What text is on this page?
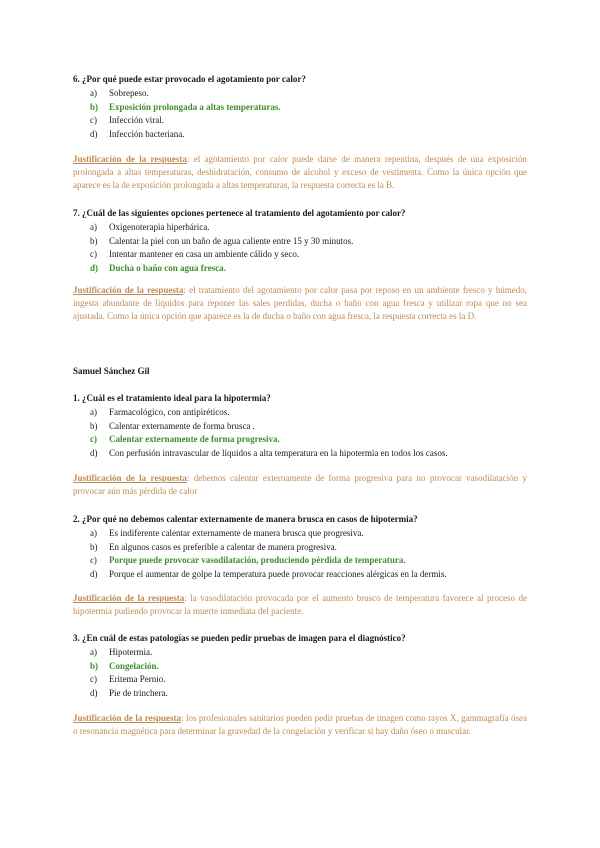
6. ¿Por qué puede estar provocado el agotamiento por calor?

a) Sobrepeso.
b) Exposición prolongada a altas temperaturas.
c) Infección viral.
d) Infección bacteriana.

Justificación de la respuesta: el agotamiento por calor puede darse de manera repentina, después de una exposición prolongada a altas temperaturas, deshidratación, consumo de alcohol y exceso de vestimenta. Como la única opción que aparece es la de exposición prolongada a altas temperaturas, la respuesta correcta es la B.

7. ¿Cuál de las siguientes opciones pertenece al tratamiento del agotamiento por calor?

a) Oxigenoterapia hiperbárica.
b) Calentar la piel con un baño de agua caliente entre 15 y 30 minutos.
c) Intentar mantener en casa un ambiente cálido y seco.
d) Ducha o baño con agua fresca.

Justificación de la respuesta: el tratamiento del agotamiento por calor pasa por reposo en un ambiente fresco y húmedo, ingesta abundante de líquidos para reponer las sales perdidas, ducha o baño con agua fresca y utilizar ropa que no sea ajustada. Como la única opción que aparece es la de ducha o baño con agua fresca, la respuesta correcta es la D.

Samuel Sánchez Gil

1. ¿Cuál es el tratamiento ideal para la hipotermia?

a) Farmacológico, con antipiréticos.
b) Calentar externamente de forma brusca .
c) Calentar externamente de forma progresiva.
d) Con perfusión intravascular de líquidos a alta temperatura en la hipotermia en todos los casos.

Justificación de la respuesta: debemos calentar externamente de forma progresiva para no provocar vasodilatación y provocar aún más pérdida de calor

2. ¿Por qué no debemos calentar externamente de manera brusca en casos de hipotermia?

a) Es indiferente calentar externamente de manera brusca que progresiva.
b) En algunos casos es preferible a calentar de manera progresiva.
c) Porque puede provocar vasodilatación, produciendo pérdida de temperatura.
d) Porque el aumentar de golpe la temperatura puede provocar reacciones alérgicas en la dermis.

Justificación de la respuesta: la vasodilatación provocada por el aumento brusco de temperatura favorece al proceso de hipotermia pudiendo provocar la muerte inmediata del paciente.

3. ¿En cuál de estas patologías se pueden pedir pruebas de imagen para el diagnóstico?

a) Hipotermia.
b) Congelación.
c) Eritema Pernio.
d) Pie de trinchera.

Justificación de la respuesta: los profesionales sanitarios pueden pedir pruebas de imagen como rayos X, gammagrafía ósea o resonancia magnética para determinar la gravedad de la congelación y verificar si hay daño óseo o muscular.
